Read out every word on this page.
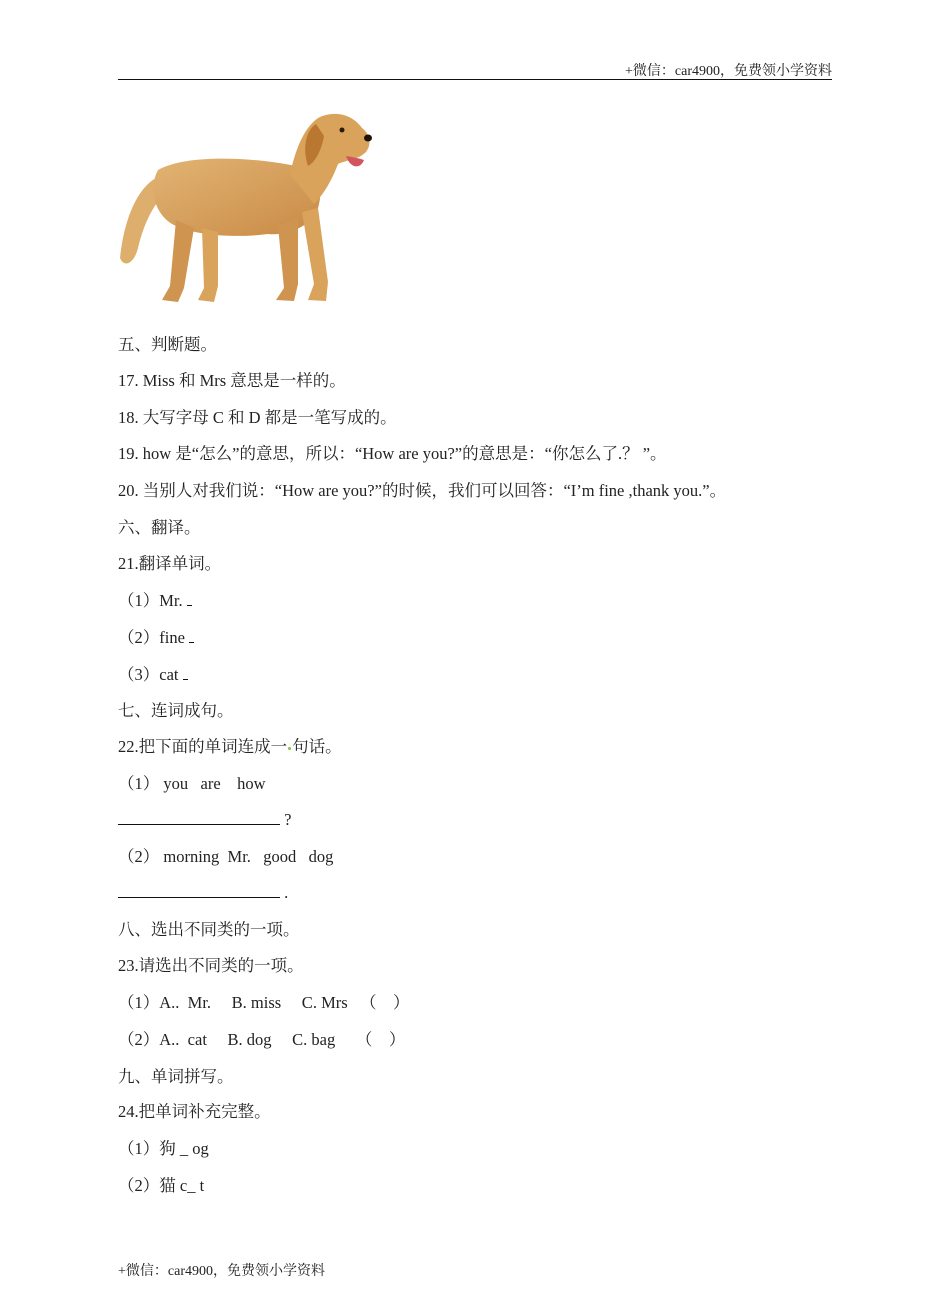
+微信：car4900，免费领小学资料
五、判断题。
17. Miss 和 Mrs 意思是一样的。
18. 大写字母 C 和 D 都是一笔写成的。
19. how 是“怎么”的意思，所以：“How are you?”的意思是：“你怎么了.？ ”。
20. 当别人对我们说：“How are you?”的时候，我们可以回答：“I’m fine ,thank you.”。
六、翻译。
21.翻译单词。
（1）Mr.
（2）fine
（3）cat
七、连词成句。
22.把下面的单词连成一 句话。
（1） you   are    how
?
（2） morning  Mr.   good   dog
.
八、选出不同类的一项。
23.请选出不同类的一项。
（1）A..  Mr.     B. miss     C. Mrs   （    ）
（2）A..  cat     B. dog     C. bag     （    ）
九、单词拼写。
24.把单词补充完整。
（1）狗 _ og
（2）猫 c_ t
+微信：car4900，免费领小学资料
